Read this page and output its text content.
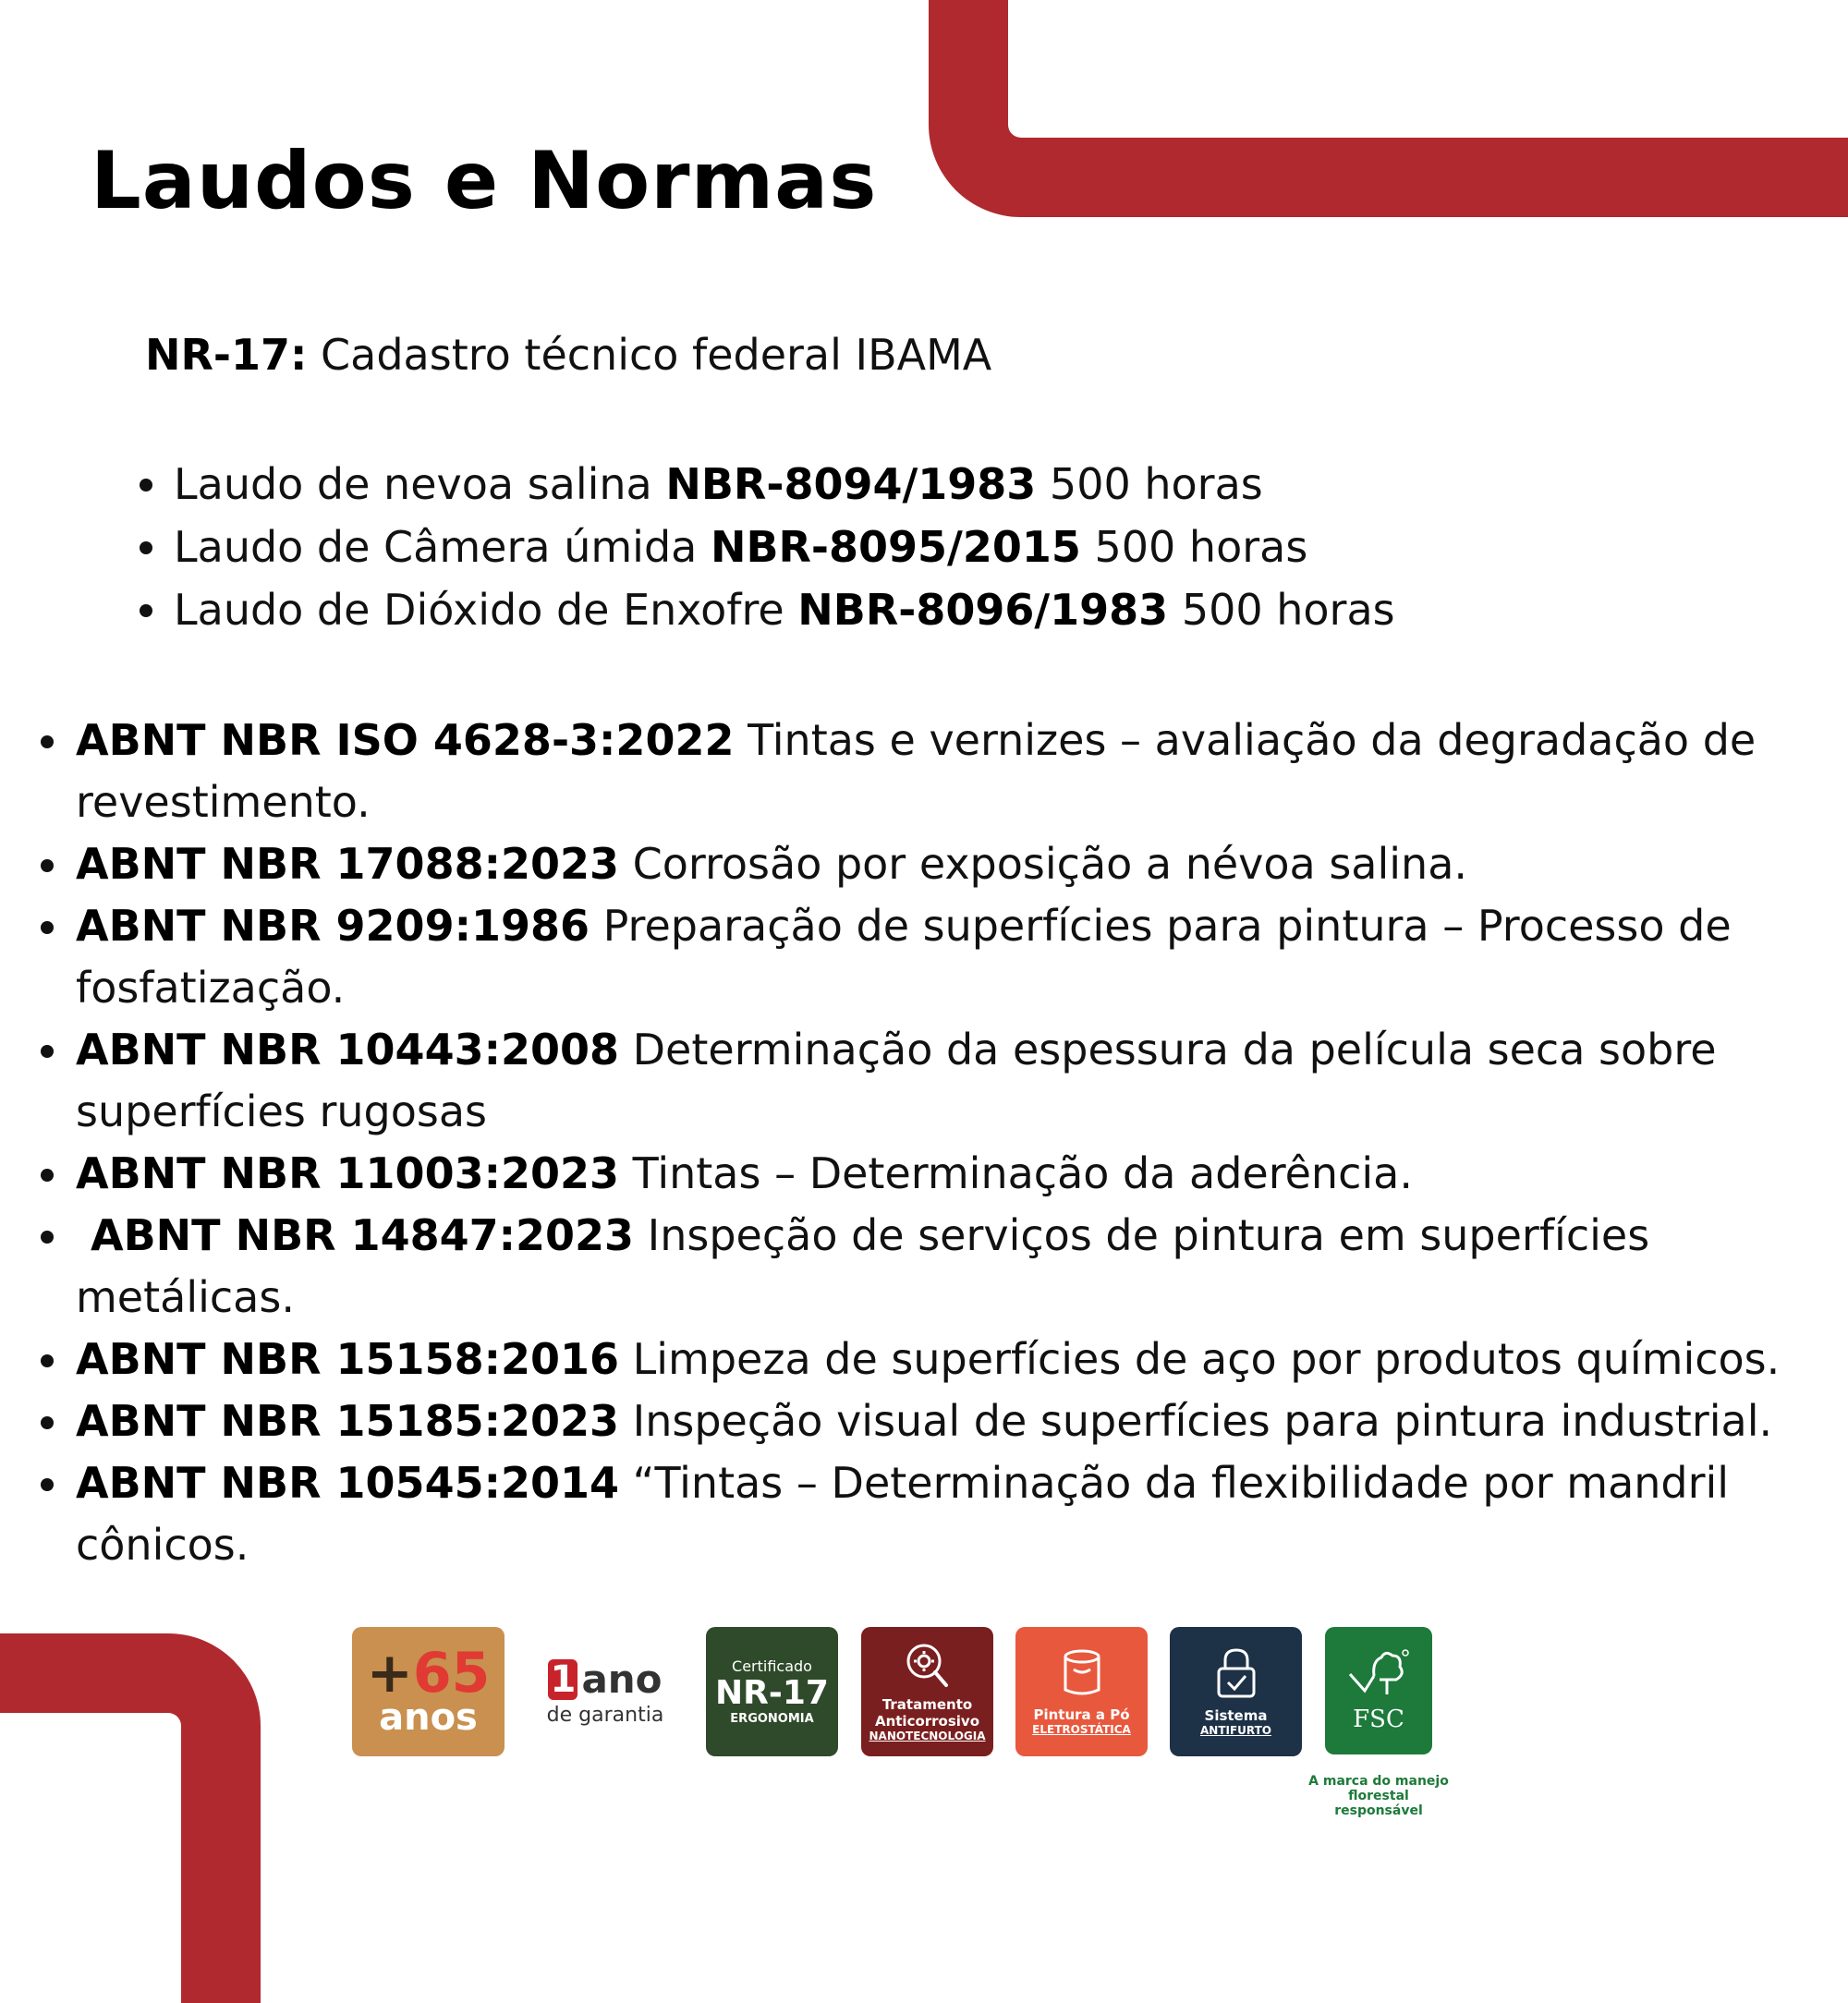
Laudos e Normas
NR-17: Cadastro técnico federal IBAMA
Laudo de nevoa salina NBR-8094/1983 500 horas
Laudo de Câmera úmida NBR-8095/2015 500 horas
Laudo de Dióxido de Enxofre NBR-8096/1983 500 horas
ABNT NBR ISO 4628-3:2022 Tintas e vernizes – avaliação da degradação de revestimento.
ABNT NBR 17088:2023 Corrosão por exposição a névoa salina.
ABNT NBR 9209:1986 Preparação de superfícies para pintura – Processo de fosfatização.
ABNT NBR 10443:2008 Determinação da espessura da película seca sobre superfícies rugosas
ABNT NBR 11003:2023 Tintas – Determinação da aderência.
ABNT NBR 14847:2023 Inspeção de serviços de pintura em superfícies metálicas.
ABNT NBR 15158:2016 Limpeza de superfícies de aço por produtos químicos.
ABNT NBR 15185:2023 Inspeção visual de superfícies para pintura industrial.
ABNT NBR 10545:2014 “Tintas – Determinação da flexibilidade por mandril cônicos.
+65
anos
1 ano
de garantia
Certificado
NR-17
ERGONOMIA
Tratamento
Anticorrosivo
NANOTECNOLOGIA
Pintura a Pó
ELETROSTÁTICA
Sistema
ANTIFURTO	FSC
A marca do manejo
florestal responsável
